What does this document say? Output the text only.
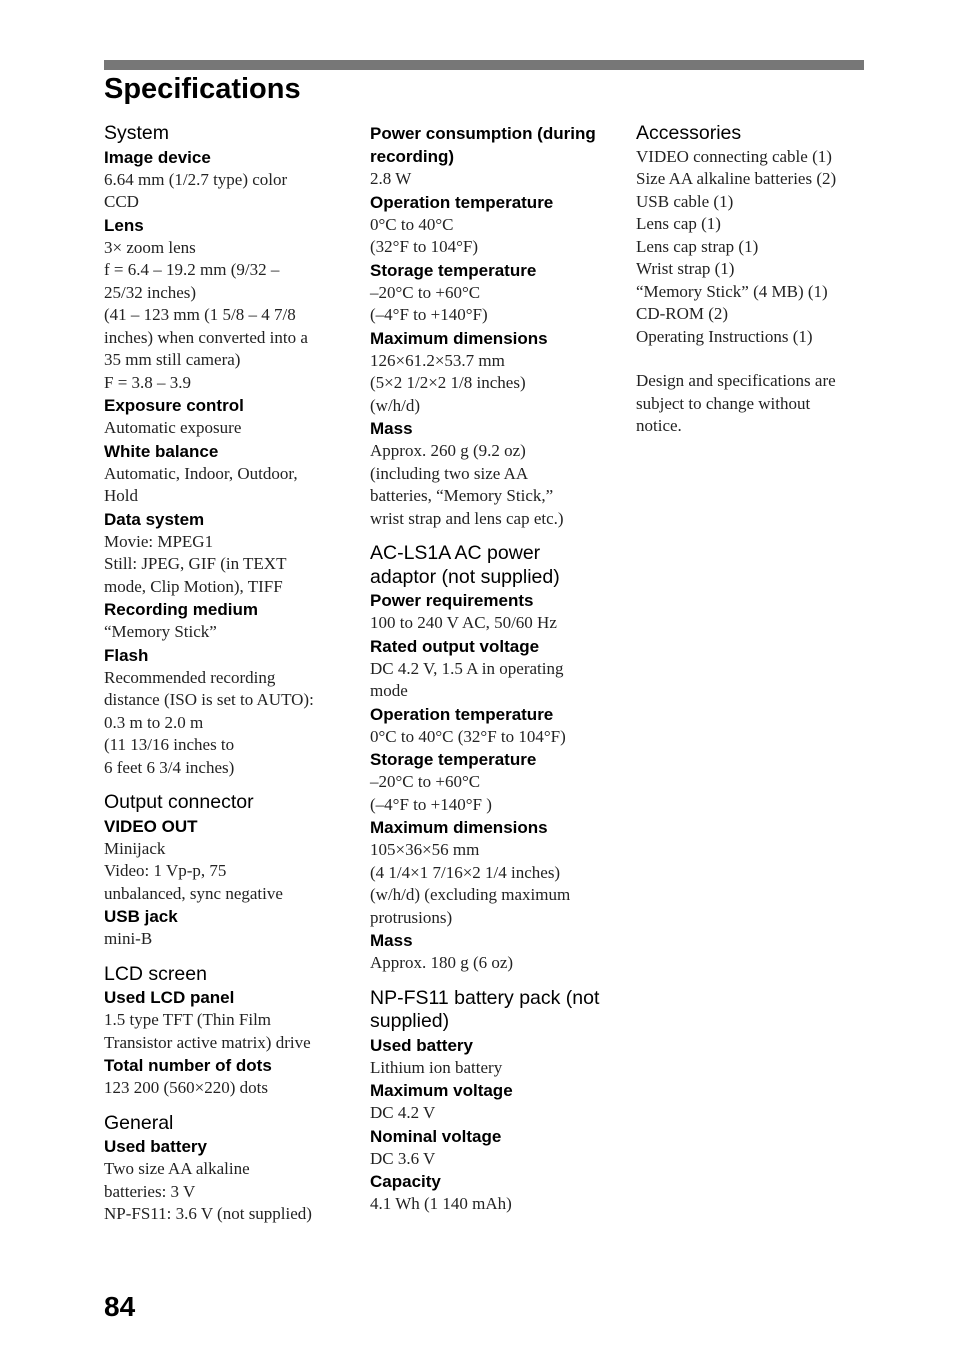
Specifications
System
Image device
6.64 mm (1/2.7 type) color
CCD
Lens
3× zoom lens
f = 6.4 – 19.2 mm (9/32 –
25/32 inches)
(41 – 123 mm (1 5/8 – 4 7/8
inches) when converted into a
35 mm still camera)
F = 3.8 – 3.9
Exposure control
Automatic exposure
White balance
Automatic, Indoor, Outdoor,
Hold
Data system
Movie: MPEG1
Still: JPEG, GIF (in TEXT
mode, Clip Motion), TIFF
Recording medium
“Memory Stick”
Flash
Recommended recording
distance (ISO is set to AUTO):
0.3 m to 2.0 m
(11 13/16 inches to
6 feet 6 3/4 inches)
Output connector
VIDEO OUT
Minijack
Video: 1 Vp-p, 75
unbalanced, sync negative
USB jack
mini-B
LCD screen
Used LCD panel
1.5 type TFT (Thin Film
Transistor active matrix) drive
Total number of dots
123 200 (560×220) dots
General
Used battery
Two size AA alkaline
batteries: 3 V
NP-FS11: 3.6 V (not supplied)
Power consumption (during recording)
2.8 W
Operation temperature
0°C to 40°C
(32°F to 104°F)
Storage temperature
–20°C to +60°C
(–4°F to +140°F)
Maximum dimensions
126×61.2×53.7 mm
(5×2 1/2×2 1/8 inches)
(w/h/d)
Mass
Approx. 260 g (9.2 oz)
(including two size AA
batteries, “Memory Stick,”
wrist strap and lens cap etc.)
AC-LS1A AC power adaptor (not supplied)
Power requirements
100 to 240 V AC, 50/60 Hz
Rated output voltage
DC 4.2 V, 1.5 A in operating
mode
Operation temperature
0°C to 40°C (32°F to 104°F)
Storage temperature
–20°C to +60°C
(–4°F to +140°F )
Maximum dimensions
105×36×56 mm
(4 1/4×1 7/16×2 1/4 inches)
(w/h/d) (excluding maximum
protrusions)
Mass
Approx. 180 g (6 oz)
NP-FS11 battery pack (not supplied)
Used battery
Lithium ion battery
Maximum voltage
DC 4.2 V
Nominal voltage
DC 3.6 V
Capacity
4.1 Wh (1 140 mAh)
Accessories
VIDEO connecting cable (1)
Size AA alkaline batteries (2)
USB cable (1)
Lens cap (1)
Lens cap strap (1)
Wrist strap (1)
“Memory Stick” (4 MB) (1)
CD-ROM (2)
Operating Instructions (1)
Design and specifications are
subject to change without
notice.
84
